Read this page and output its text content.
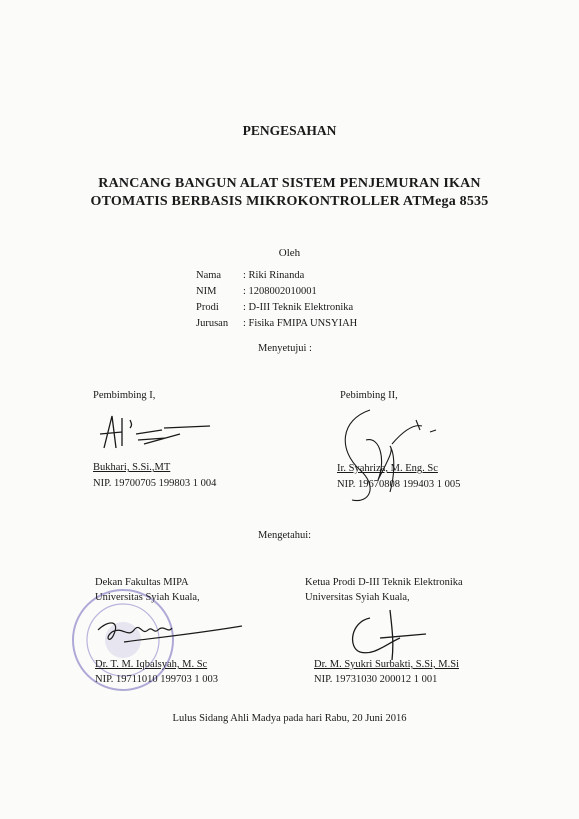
PENGESAHAN
RANCANG BANGUN ALAT SISTEM PENJEMURAN IKAN
OTOMATIS BERBASIS MIKROKONTROLLER ATMega 8535
Oleh
Nama : Riki Rinanda
NIM	: 1208002010001
Prodi : D-III Teknik Elektronika
Jurusan : Fisika FMIPA UNSYIAH
Menyetujui :
Pembimbing I,
Bukhari, S.Si.,MT
NIP. 19700705 199803 1 004
Pebimbing II,
Ir. Syahriza, M. Eng. Sc
NIP. 19670808 199403 1 005
Mengetahui:
Dekan Fakultas MIPA
Universitas Syiah Kuala,
Dr. T. M. Iqbalsyah, M. Sc
NIP. 19711010 199703 1 003
Ketua Prodi D-III Teknik Elektronika
Universitas Syiah Kuala,
Dr. M. Syukri Surbakti, S.Si, M.Si
NIP. 19731030 200012 1 001
Lulus Sidang Ahli Madya pada hari Rabu, 20 Juni 2016
